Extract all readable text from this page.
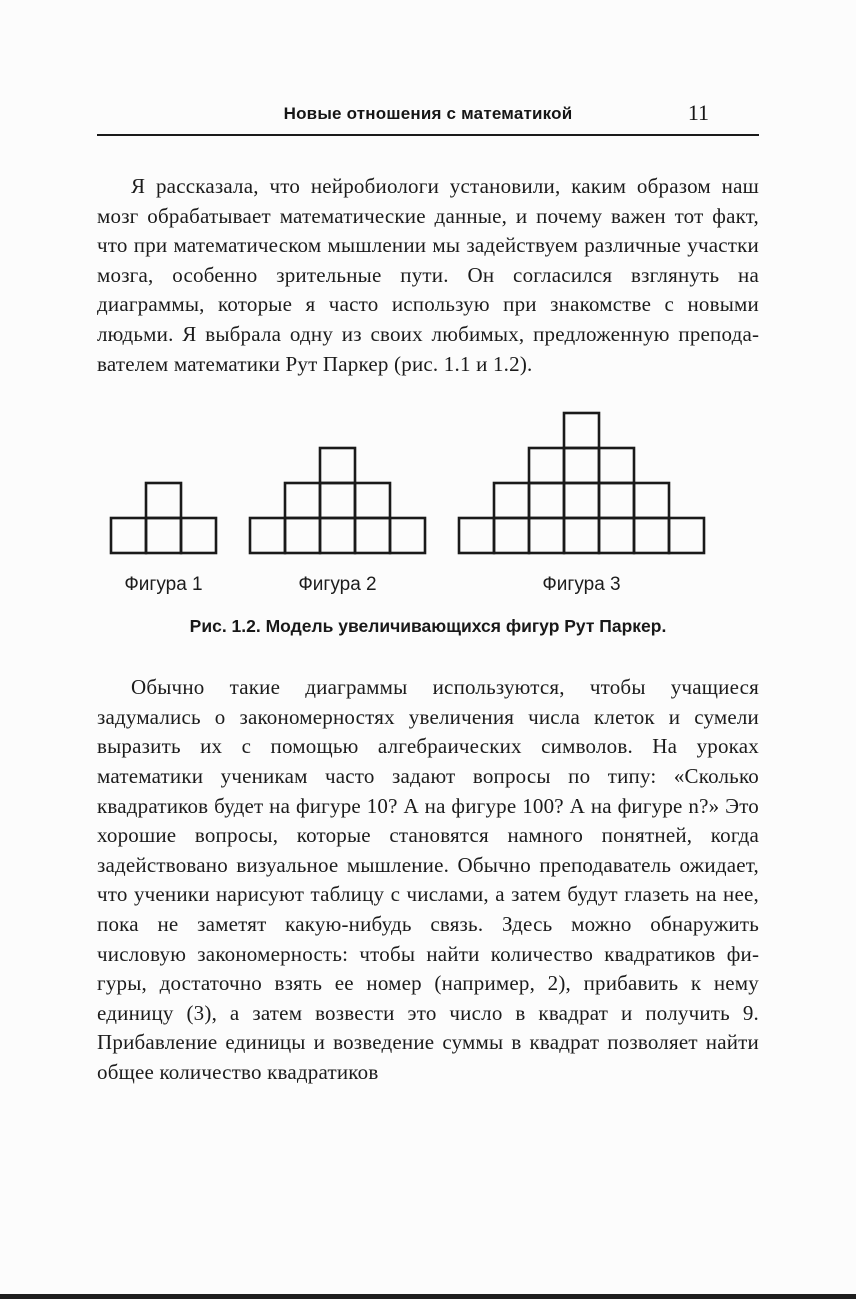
Новые отношения с математикой	11

Я рассказала, что нейробиологи установили, каким образом наш мозг обрабатывает математические данные, и почему важен тот факт, что при математическом мышлении мы задействуем различные участки мозга, особенно зрительные пути. Он согласился взглянуть на диаграммы, которые я часто использую при знакомстве с новыми людьми. Я выбрала одну из своих любимых, предложенную преподавателем математики Рут Паркер (рис. 1.1 и 1.2).

Фигура 1	Фигура 2	Фигура 3
Рис. 1.2. Модель увеличивающихся фигур Рут Паркер.

Обычно такие диаграммы используются, чтобы учащиеся задумались о закономерностях увеличения числа клеток и сумели выразить их с помощью алгебраических символов. На уроках математики ученикам часто задают вопросы по типу: «Сколько квадратиков будет на фигуре 10? А на фигуре 100? А на фигуре n?» Это хорошие вопросы, которые становятся намного понятней, когда задействовано визуальное мышление. Обычно преподаватель ожидает, что ученики нарисуют таблицу с числами, а затем будут глазеть на нее, пока не заметят какую-нибудь связь. Здесь можно обнаружить числовую закономерность: чтобы найти количество квадратиков фигуры, достаточно взять ее номер (например, 2), прибавить к нему единицу (3), а затем возвести это число в квадрат и получить 9. Прибавление единицы и возведение суммы в квадрат позволяет найти общее количество квадратиков
